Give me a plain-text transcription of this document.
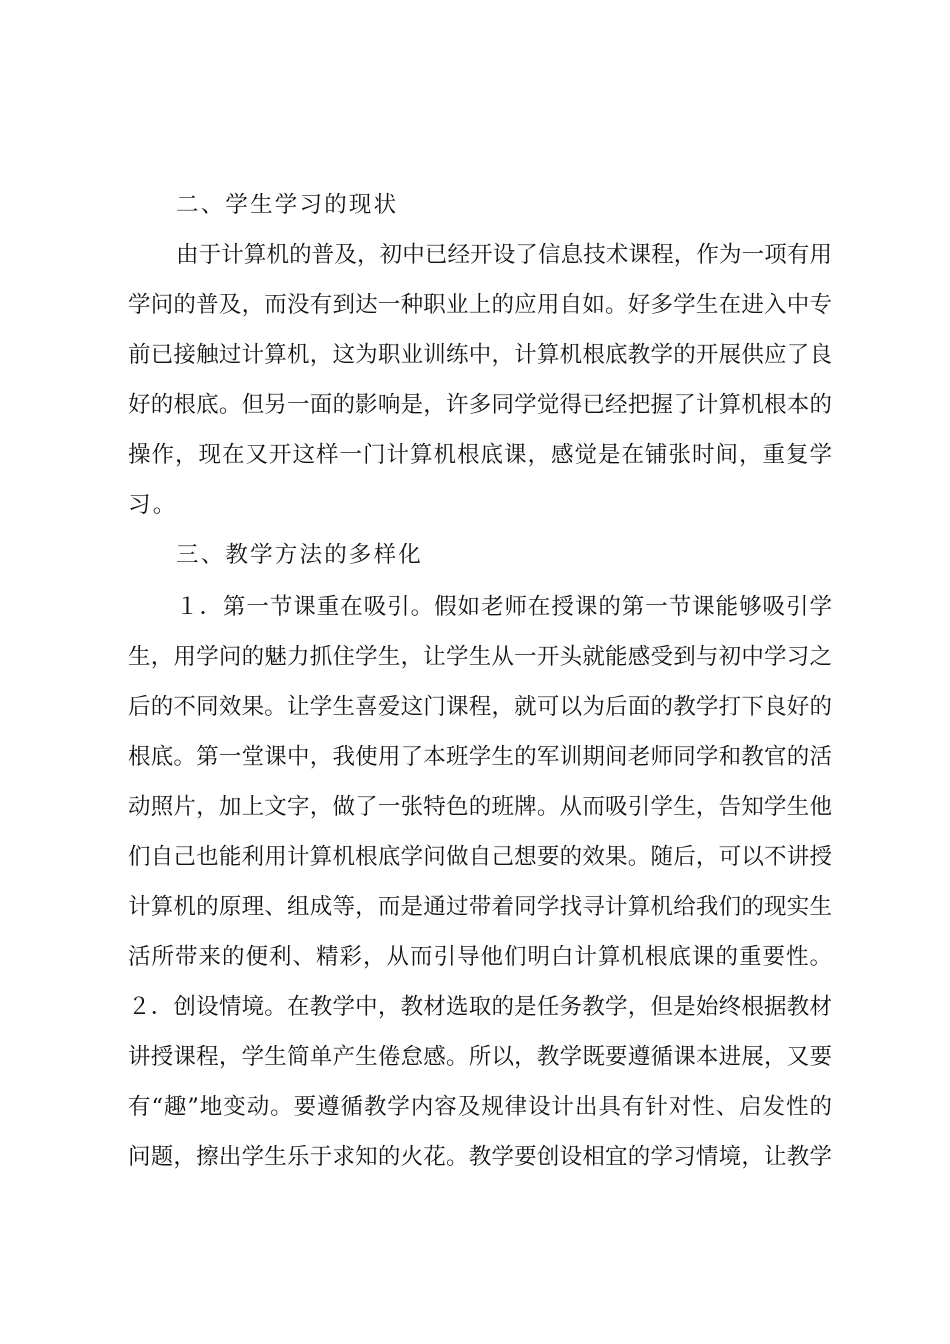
二、学生学习的现状
由于计算机的普及，初中已经开设了信息技术课程，作为一项有用
学问的普及，而没有到达一种职业上的应用自如。好多学生在进入中专
前已接触过计算机，这为职业训练中，计算机根底教学的开展供应了良
好的根底。但另一面的影响是，许多同学觉得已经把握了计算机根本的
操作，现在又开这样一门计算机根底课，感觉是在铺张时间，重复学
习。
三、教学方法的多样化
１．第一节课重在吸引。假如老师在授课的第一节课能够吸引学
生，用学问的魅力抓住学生，让学生从一开头就能感受到与初中学习之
后的不同效果。让学生喜爱这门课程，就可以为后面的教学打下良好的
根底。第一堂课中，我使用了本班学生的军训期间老师同学和教官的活
动照片，加上文字，做了一张特色的班牌。从而吸引学生，告知学生他
们自己也能利用计算机根底学问做自己想要的效果。随后，可以不讲授
计算机的原理、组成等，而是通过带着同学找寻计算机给我们的现实生
活所带来的便利、精彩，从而引导他们明白计算机根底课的重要性。
２．创设情境。在教学中，教材选取的是任务教学，但是始终根据教材
讲授课程，学生简单产生倦怠感。所以，教学既要遵循课本进展，又要
有“趣”地变动。要遵循教学内容及规律设计出具有针对性、启发性的
问题，擦出学生乐于求知的火花。教学要创设相宜的学习情境，让教学
